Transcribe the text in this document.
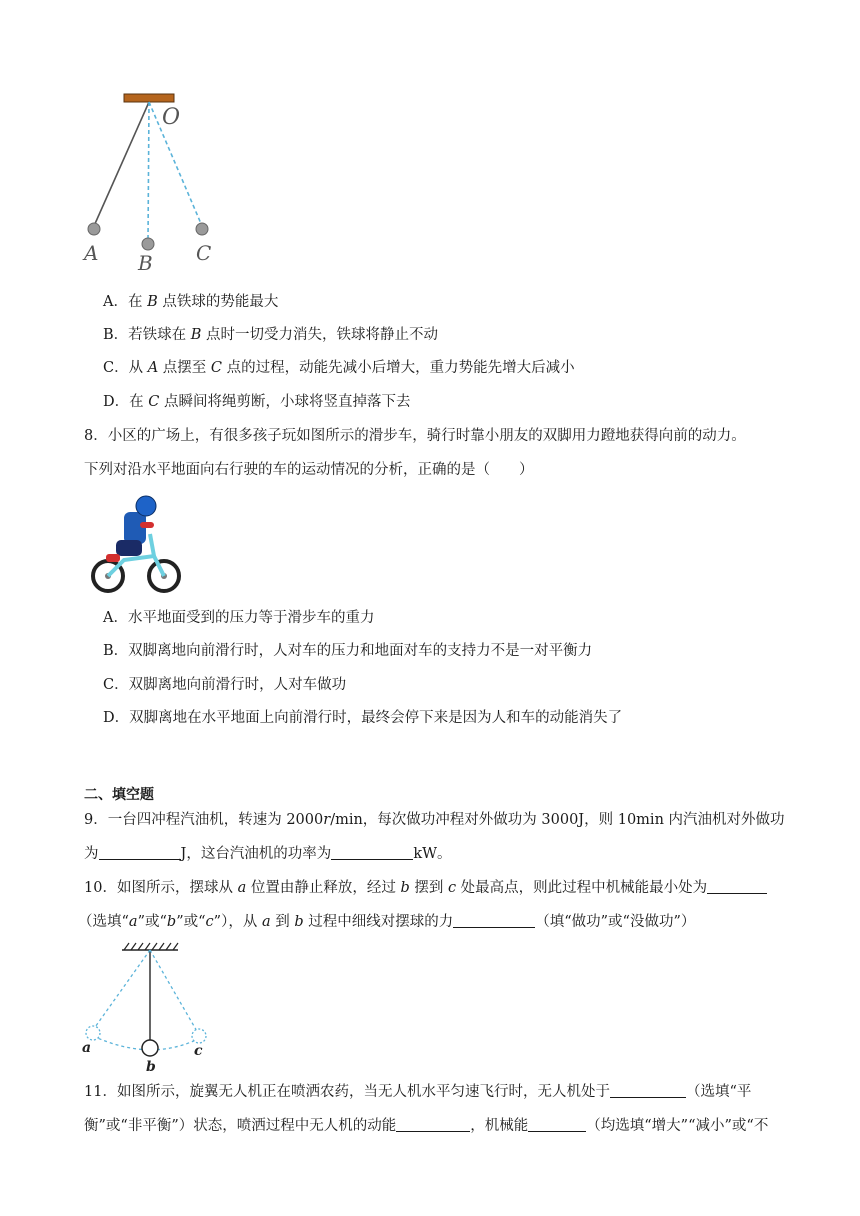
O
A B C
A．在 B 点铁球的势能最大
B．若铁球在 B 点时一切受力消失，铁球将静止不动
C．从 A 点摆至 C 点的过程，动能先减小后增大，重力势能先增大后减小
D．在 C 点瞬间将绳剪断，小球将竖直掉落下去
8．小区的广场上，有很多孩子玩如图所示的滑步车，骑行时靠小朋友的双脚用力蹬地获得向前的动力。
下列对沿水平地面向右行驶的车的运动情况的分析，正确的是（　　）
A．水平地面受到的压力等于滑步车的重力
B．双脚离地向前滑行时，人对车的压力和地面对车的支持力不是一对平衡力
C．双脚离地向前滑行时，人对车做功
D．双脚离地在水平地面上向前滑行时，最终会停下来是因为人和车的动能消失了
二、填空题
9．一台四冲程汽油机，转速为 2000r/min，每次做功冲程对外做功为 3000J，则 10min 内汽油机对外做功
为	J，这台汽油机的功率为	kW。
10．如图所示，摆球从 a 位置由静止释放，经过 b 摆到 c 处最高点，则此过程中机械能最小处为
（选填“a”或“b”或“c”），从 a 到 b 过程中细线对摆球的力	（填“做功”或“没做功”）
a
b
c
11．如图所示，旋翼无人机正在喷洒农药，当无人机水平匀速飞行时，无人机处于	（选填“平
衡”或“非平衡”）状态，喷洒过程中无人机的动能	，机械能	（均选填“增大”“减小”或“不
